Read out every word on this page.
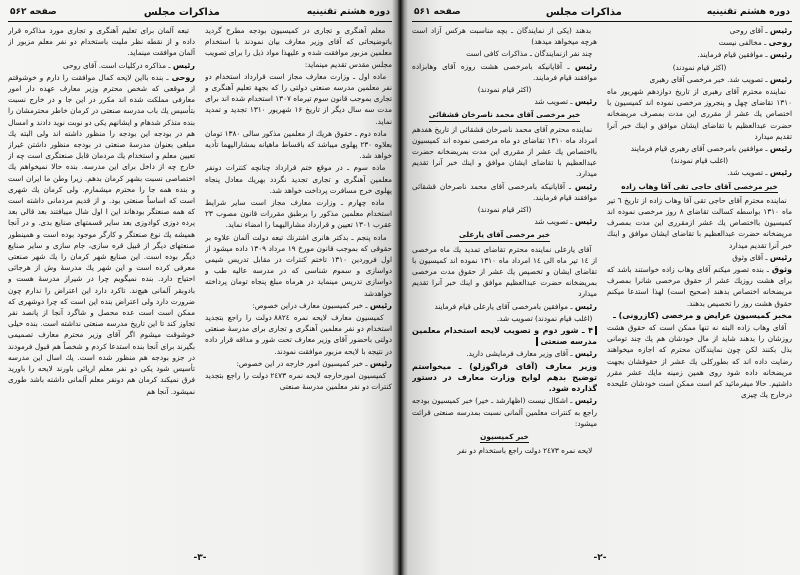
دوره هشتم تقنینیه
مذاکرات مجلس
صفحه ۵۶۲

معلم آهنگری و تجاری در کمیسیون بودجه مطرح گردید باتوضیحاتی که آقای وزیر معارف بیان نمودند با استخدام معلمین مزبور موافقت شده و علیهذا مواد ذیل را برای تصویب مجلس مقدس تقدیم مینماید:

ماده اول ـ وزارت معارف مجاز است قرارداد استخدام دو نفر معلمین مدرسه صنعتی دولتی را که بجهة تعلیم آهنگری و تجاری بموجب قانون سوم تیرماه ۱۳۰۷ استخدام شده اند برای مدت سه سال دیگر از تاریخ ۱۶ شهریور ۱۳۱۰ تجدید و تمدید نماید.

ماده دوم ـ حقوق هریك از معلمین مذکور سالی ۱۳۸۰ تومان بعلاوه ۲۳۰ پهلوی میباشد که باقساط ماهیانه بمشارالیهما تأدیه خواهد شد.

ماده سوم ـ در موقع ختم قرارداد چنانچه کنترات دونفر معلمین آهنگری و تجاری تجدید نگردد بهریك معادل پنجاه پهلوی خرج مسافرت پرداخت خواهد شد.

ماده چهارم ـ وزارت معارف مجاز است سایر شرایط استخدام معلمین مذکور را برطبق مقررات قانون مصوب ۲۳ عقرب ۱۳۰۱ تعیین و قرارداد مشارالیهما را امضاء نماید.

ماده پنجم ـ بدکتر هانری اشترنك تبعه دولت آلمان علاوه بر حقوقی که بموجب قانون مورخ ۱۹ مرداد ۱۳۰۹ داده میشود از اول فروردین ۱۳۱۰ تاختم کنترات در مقابل تدریس شیمی دواسازی و سموم شناسی که در مدرسه عالیه طب و دواسازی تدریس مینماید در هرماه مبلغ پنجاه تومان پرداخته خواهدشد

رئیس ـ خبر کمیسیون معارف دراین خصوص:

کمیسیون معارف لایحه نمره ۸۸۲٤ دولت را راجع بتجدید استخدام دو نفر معلمین آهنگری و تجاری برای مدرسهٔ صنعتی دولتی باحضور آقای وزیر معارف تحت شور و مداقه قرار داده در نتیجه با لایحه مزبور موافقت نمودند.

رئیس ـ خبر کمیسیون امور خارجه در این خصوص:

کمیسیون امورخارجه لایحه نمره ۲٤۷۳ دولت را راجع بتجدید کنترات دو نفر معلمین مدرسهٔ صنعتی

تبعه آلمان برای تعلیم آهنگری و تجاری مورد مذاکره قرار داده و از نقطه نظر ملیت باستخدام دو نفر معلم مزبور از آلمان موافقت مینماید.

رئیس ـ مذاکره درکلیات است. آقای روحی

روحی ـ بنده بااین لایحه کمال موافقت را دارم و خوشوقتم از موقعی که شخص محترم وزیر معارف عهده دار امور معارفی مملکت شده اند مکرر در این جا و در خارج نسبت بتأسیس یك باب مدرسه صنعتی در کرمان خاطر محترمشان را بنده متذکر شدهام و ایشانهم یکی دو نوبت نوید دادند و امسال هم در بودجه این بودجه را منظور داشته اند ولی البته یك مبلغی بعنوان مدرسهٔ صنعتی در بودجه منظور داشتن غیراز تعیین معلم و استخدام یك مردمان قابل صنعتگری است چه از خارج چه از داخل برای این مدرسه. بنده حالا نمیخواهم یك اختصاصی نسبت بشهر کرمان بدهم. زیرا وطن ما ایران است و بنده همه جا را محترم میشمارم. ولی کرمان یك شهری است که اساساً صنعتی بود. و از قدیم مردمانی داشته است که همه صنعتگر بودهاند این ا اول شال میبافتند بعد قالی بعد پرده دوزی کوادوزی بعد سایر قسمتهای صنایع بدی. و در آنجا همیشه یك نوع صنعتگر و کارگر موجود بوده است و همینطور صنعتهای دیگر از قبیل قره سازی، جام سازی و سایر صنایع دیگر بوده است. این صنایع شهر کرمان را یك شهر صنعتی معرفی کرده است و این شهر یك مدرسهٔ وش از هرجائی احتیاج دارد. بنده نمیگویم چرا در شیراز مدرسهٔ هست و بادوبقر آلمانی هیچ‌ند. تاکرد دارد این اعتراض را ندارم چون ضرورت دارد ولی اعتراض بنده این است که چرا دوشهری که ممکن است است عده محصل و شاگرد آنجا از پانصد نفر تجاوز کند تا این تاریخ مدرسه صنعتی نداشته است. بنده خیلی خوشوقت میشوم اگر آقای وزیر محترم معارف تصمیمی بگیرند برای آنجا بنده استدعا کردم و شخصاً هم قبول فرمودند در جزو بودجه هم منظور شده است. یك‌ اسال این مدرسه تأسیس شود یکی دو نفر معلم ارپائی باورند لایحه را باورید فرق نمیکند کرمان هم دونفر معلم آلمانی داشته باشد طوری نمیشود. آنجا هم

-۳-
دوره هشتم تقنینیه
مذاکرات مجلس
صفحه ۵۶۱

رئیس ـ آقای روحی

روحی ـ مخالفی نیست

رئیس ـ موافقین قیام فرمایند.

(اکثر قیام نمودند)

رئیس ـ تصویب شد. خبر مرخصی آقای رهبری

نماینده محترم آقای رهبری از تاریخ دوازدهم شهریور ماه ۱۳۱۰ تقاضای چهل و پنجروز مرخصی نموده اند کمیسیون با اختصاص یك عشر از مقرری این مدت بمصرف مریضخانه حضرت عبدالعظیم با تقاضای ایشان موافق و اینك خبر آنرا تقدیم میدارد

رئیس ـ موافقین بامرخصی آقای رهبری قیام فرمایند

(اغلب قیام نمودند)

رئیس ـ تصویب شد.

خبر مرخصی آقای حاجی تقی آقا وهاب زاده

نماینده محترم آقای حاجی تقی آقا وهاب زاده از تاریخ ٦ تیر ماه ۱۳۱۰ بواسطه کسالت تقاضای ۸ روز مرخصی نموده اند کمیسیون بااختصاص یك عشر ازمقرری این مدت بمصرف مریضخانه حضرت عبدالعظیم با تقاضای ایشان موافق و اینك خبر آنرا تقدیم میدارد

رئیس ـ آقای وثوق

وثوق ـ بنده تصور میکنم آقای وهاب زاده خواستند باشد که برای هشت روزیك عشر از حقوق مرخصی شانرا بمصرف مریضخانه اختصاص بدهند (صحیح است) لهذا استدعا میکنم حقوق هشت روز را تخصیص بدهند.

مخبر کمیسیون عرایض و مرخصی (کازرونی) ـ

آقای وهاب زاده البته نه تنها ممکن است که حقوق هشت روزشان را بدهند شاید از مال خودشان هم یك چند تومانی بذل بکنند لکن چون نمایندگان محترم که اجازه میخواهند رضایت داده اند که بطورکلی یك عشر از حقوقشان بجهت مریضخانه داده شود روی همین زمینه مایك عشر مقرر داشتیم. حالا میفرمائید کم است ممکن است خودشان علیحده درخارج یك چیزی

بدهند (یکی از نمایندگان ـ بچه مناسبت هرکس آزاد است هرچه میخواهد میدهد)

چند نفر ازنمایندگان ـ مذاکرات کافی است

رئیس ـ آقایانیکه بامرخصی هشت روزه آقای وهابزاده موافقند قیام فرمایند.

(اکثر قیام نمودند)

رئیس ـ تصویب شد

خبر مرخصی آقای محمد ناصرخان قشقائی

نماینده محترم آقای محمد ناصرخان قشقائی از تاریخ هفدهم امرداد ماه ۱۳۱۰ تقاضای دو ماه مرخصی نموده اند کمیسیون بااختصاص یك عشر از مقرری این مدت بمریضخانه حضرت عبدالعظیم با تقاضای ایشان موافق و اینك خبر آنرا تقدیم میدارد.

رئیس ـ آقایانیکه بامرخصی آقای محمد ناصرخان قشقائی موافقند قیام فرمایند.

(اکثر قیام نمودند)

رئیس ـ تصویب شد

خبر مرخصی آقای یارعلی

آقای یارعلی نماینده محترم تقاضای تمدید یك ماه مرخصی از ۱٤ تیر ماه الی ۱٤ امرداد ماه ۱۳۱۰ نموده اند کمیسیون با تقاضای ایشان و تخصیص یك عشر از حقوق مدت مرخصی بمریضخانه حضرت عبدالعظیم موافق و اینك خبر آنرا تقدیم میدارد

رئیس ـ موافقین بامرخصی آقای یارعلی قیام فرمایند

(اغلب قیام نمودند) تصویب شد.

۴ ـ شور دوم و تصویب لایحه استخدام معلمین مدرسه صنعتی

رئیس ـ آقای وزیر معارف فرمایشی دارید.

وزیر معارف (آقای قراگوزلو) ـ میخواستم توضیح بدهم لوایح وزارت معارف در دستور گذارده شود.

رئیس ـ اشکال نیست (اظهارشد ـ خیر) خبر کمیسیون بودجه راجع به کنترات معلمین آلمانی نسبت بمدرسه صنعتی قرائت میشود:

خبر کمیسیون

لایحه نمره ۲٤۷۳ دولت راجع باستخدام دو نفر

-۲-
